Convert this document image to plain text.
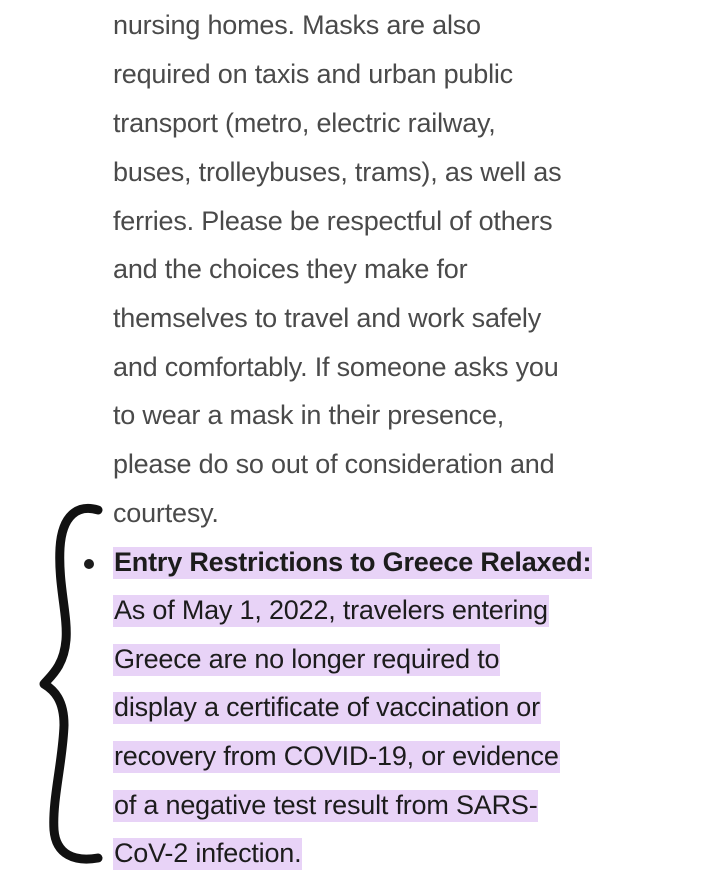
nursing homes. Masks are also
required on taxis and urban public
transport (metro, electric railway,
buses, trolleybuses, trams), as well as
ferries. Please be respectful of others
and the choices they make for
themselves to travel and work safely
and comfortably. If someone asks you
to wear a mask in their presence,
please do so out of consideration and
courtesy.
Entry Restrictions to Greece Relaxed:
As of May 1, 2022, travelers entering
Greece are no longer required to
display a certificate of vaccination or
recovery from COVID-19, or evidence
of a negative test result from SARS-
CoV-2 infection.
